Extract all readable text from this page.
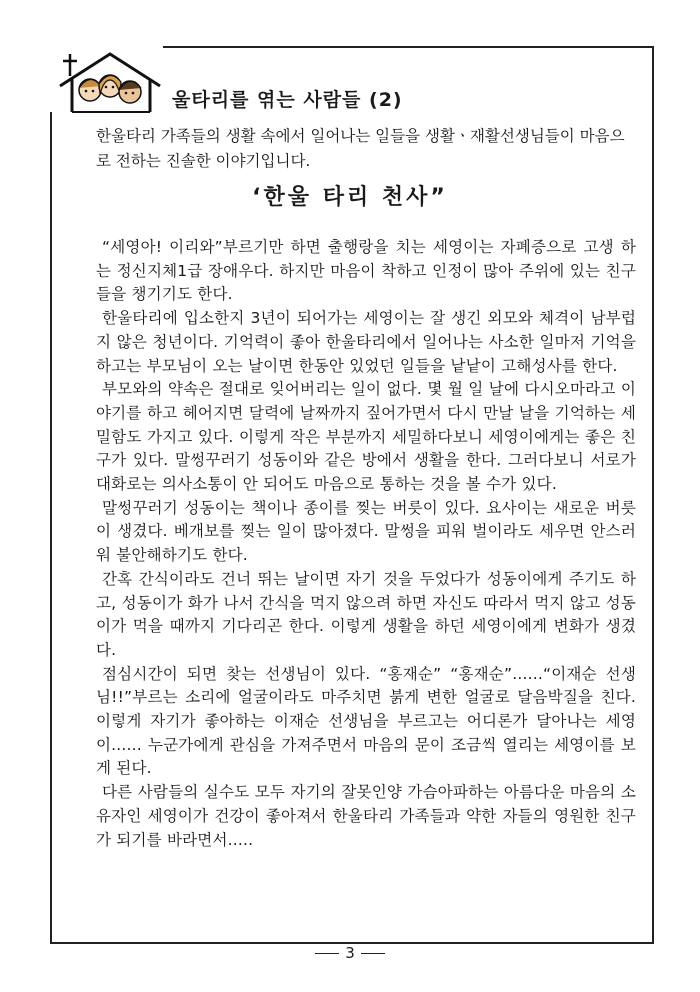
울타리를 엮는 사람들 (2)

한울타리 가족들의 생활 속에서 일어나는 일들을 생활ㆍ재활선생님들이 마음으로 전하는 진솔한 이야기입니다.

‘한울 타리 천사”

“세영아! 이리와”부르기만 하면 출행랑을 치는 세영이는 자폐증으로 고생 하는 정신지체1급 장애우다. 하지만 마음이 착하고 인정이 많아 주위에 있는 친구들을 챙기기도 한다.

한울타리에 입소한지 3년이 되어가는 세영이는 잘 생긴 외모와 체격이 남부럽지 않은 청년이다. 기억력이 좋아 한울타리에서 일어나는 사소한 일마저 기억을 하고는 부모님이 오는 날이면 한동안 있었던 일들을 낱낱이 고해성사를 한다.

부모와의 약속은 절대로 잊어버리는 일이 없다. 몇 월 일 날에 다시오마라고 이야기를 하고 헤어지면 달력에 날짜까지 짚어가면서 다시 만날 날을 기억하는 세밀함도 가지고 있다. 이렇게 작은 부분까지 세밀하다보니 세영이에게는 좋은 친구가 있다. 말썽꾸러기 성동이와 같은 방에서 생활을 한다. 그러다보니 서로가 대화로는 의사소통이 안 되어도 마음으로 통하는 것을 볼 수가 있다.

말썽꾸러기 성동이는 책이나 종이를 찢는 버릇이 있다. 요사이는 새로운 버릇이 생겼다. 베개보를 찢는 일이 많아졌다. 말썽을 피워 벌이라도 세우면 안스러워 불안해하기도 한다.

간혹 간식이라도 건너 뛰는 날이면 자기 것을 두었다가 성동이에게 주기도 하고, 성동이가 화가 나서 간식을 먹지 않으려 하면 자신도 따라서 먹지 않고 성동이가 먹을 때까지 기다리곤 한다. 이렇게 생활을 하던 세영이에게 변화가 생겼다.

점심시간이 되면 찾는 선생님이 있다. “홍재순” “홍재순”......“이재순 선생님!!”부르는 소리에 얼굴이라도 마주치면 붉게 변한 얼굴로 달음박질을 친다. 이렇게 자기가 좋아하는 이재순 선생님을 부르고는 어디론가 달아나는 세영이...... 누군가에게 관심을 가져주면서 마음의 문이 조금씩 열리는 세영이를 보게 된다.

다른 사람들의 실수도 모두 자기의 잘못인양 가슴아파하는 아름다운 마음의 소유자인 세영이가 건강이 좋아져서 한울타리 가족들과 약한 자들의 영원한 친구가 되기를 바라면서.....

3
